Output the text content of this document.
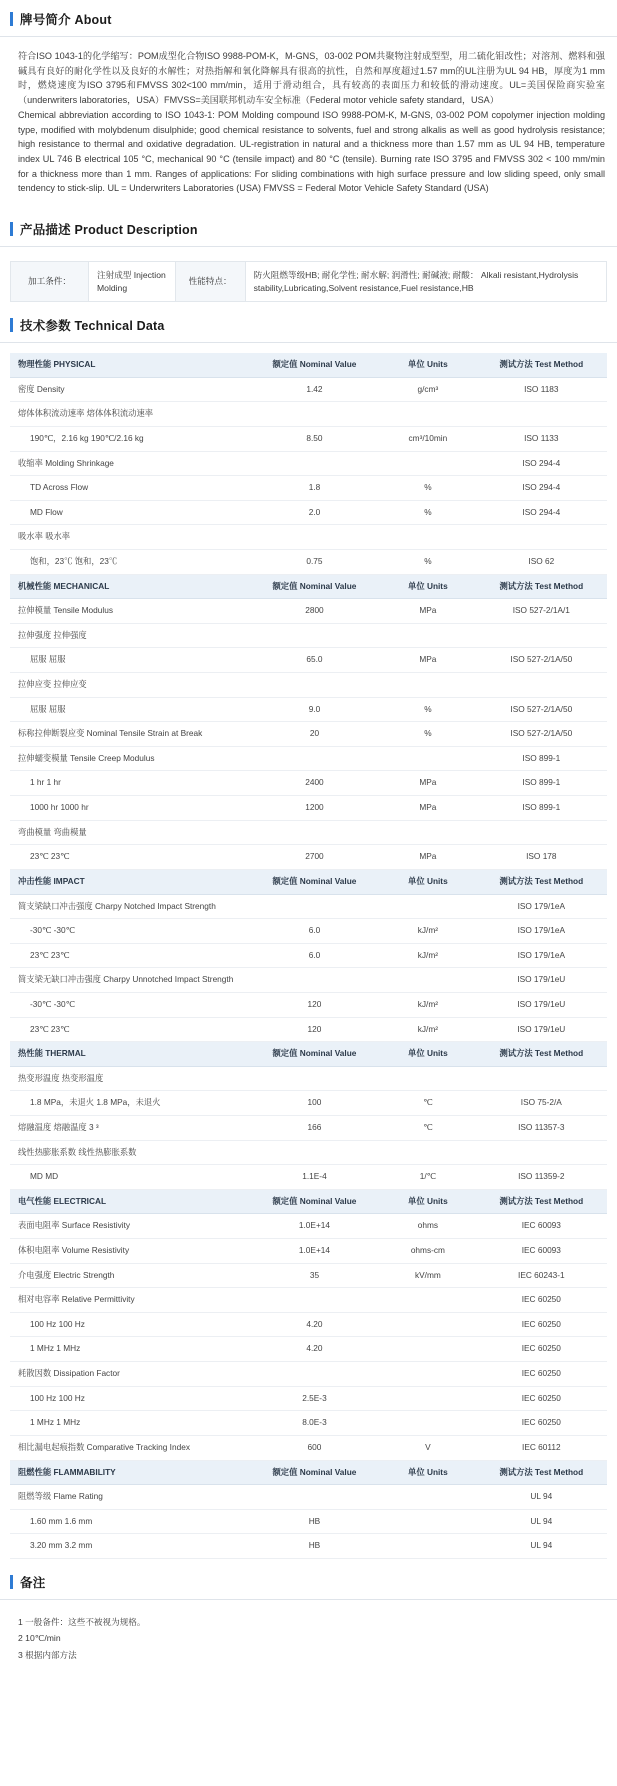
牌号简介 About
符合ISO 1043-1的化学缩写：POM成型化合物ISO 9988-POM-K，M-GNS，03-002 POM共聚物注射成型型，用二硫化钼改性；对溶剂、燃料和强碱具有良好的耐化学性以及良好的水解性；对热指解和氧化降解具有很高的抗性，自然和厚度超过1.57 mm的UL注册为UL 94 HB，厚度为1 mm时，燃烧速度为ISO 3795和FMVSS 302<100 mm/min，适用于滑动组合，具有较高的表面压力和较低的滑动速度。UL=美国保险商实验室（underwriters laboratories，USA）FMVSS=美国联邦机动车安全标准（Federal motor vehicle safety standard，USA）
Chemical abbreviation according to ISO 1043-1: POM Molding compound ISO 9988-POM-K, M-GNS, 03-002 POM copolymer injection molding type, modified with molybdenum disulphide; good chemical resistance to solvents, fuel and strong alkalis as well as good hydrolysis resistance; high resistance to thermal and oxidative degradation. UL-registration in natural and a thickness more than 1.57 mm as UL 94 HB, temperature index UL 746 B electrical 105 °C, mechanical 90 °C (tensile impact) and 80 °C (tensile). Burning rate ISO 3795 and FMVSS 302 < 100 mm/min for a thickness more than 1 mm. Ranges of applications: For sliding combinations with high surface pressure and low sliding speed, only small tendency to stick-slip. UL = Underwriters Laboratories (USA) FMVSS = Federal Motor Vehicle Safety Standard (USA)
产品描述 Product Description
加工条件：	注射成型 Injection Molding	性能特点：	防火阻燃等级HB; 耐化学性; 耐水解; 润滑性; 耐碱液; 耐酸： Alkali resistant,Hydrolysis stability,Lubricating,Solvent resistance,Fuel resistance,HB
技术参数 Technical Data
物理性能 PHYSICAL	额定值 Nominal Value	单位 Units	测试方法 Test Method
密度 Density	1.42	g/cm³	ISO 1183
熔体体积流动速率 熔体体积流动速率			
190℃，2.16 kg 190℃/2.16 kg	8.50	cm³/10min	ISO 1133
收缩率 Molding Shrinkage			ISO 294-4
TD Across Flow	1.8	%	ISO 294-4
MD Flow	2.0	%	ISO 294-4
吸水率 吸水率			
饱和，23℃ 饱和，23℃	0.75	%	ISO 62
机械性能 MECHANICAL	额定值 Nominal Value	单位 Units	测试方法 Test Method
拉伸模量 Tensile Modulus	2800	MPa	ISO 527-2/1A/1
拉伸强度 拉伸强度			
屈服 屈服	65.0	MPa	ISO 527-2/1A/50
拉伸应变 拉伸应变			
屈服 屈服	9.0	%	ISO 527-2/1A/50
标称拉伸断裂应变 Nominal Tensile Strain at Break	20	%	ISO 527-2/1A/50
拉伸蠕变模量 Tensile Creep Modulus			ISO 899-1
1 hr 1 hr	2400	MPa	ISO 899-1
1000 hr 1000 hr	1200	MPa	ISO 899-1
弯曲模量 弯曲模量			
23℃ 23℃	2700	MPa	ISO 178
冲击性能 IMPACT	额定值 Nominal Value	单位 Units	测试方法 Test Method
简支梁缺口冲击强度 Charpy Notched Impact Strength			ISO 179/1eA
-30℃ -30℃	6.0	kJ/m²	ISO 179/1eA
23℃ 23℃	6.0	kJ/m²	ISO 179/1eA
简支梁无缺口冲击强度 Charpy Unnotched Impact Strength			ISO 179/1eU
-30℃ -30℃	120	kJ/m²	ISO 179/1eU
23℃ 23℃	120	kJ/m²	ISO 179/1eU
热性能 THERMAL	额定值 Nominal Value	单位 Units	测试方法 Test Method
热变形温度 热变形温度			
1.8 MPa，未退火 1.8 MPa，未退火	100	℃	ISO 75-2/A
熔融温度 熔融温度 3 ³	166	℃	ISO 11357-3
线性热膨胀系数 线性热膨胀系数			
MD MD	1.1E-4	1/℃	ISO 11359-2
电气性能 ELECTRICAL	额定值 Nominal Value	单位 Units	测试方法 Test Method
表面电阻率 Surface Resistivity	1.0E+14	ohms	IEC 60093
体积电阻率 Volume Resistivity	1.0E+14	ohms-cm	IEC 60093
介电强度 Electric Strength	35	kV/mm	IEC 60243-1
相对电容率 Relative Permittivity			IEC 60250
100 Hz 100 Hz	4.20		IEC 60250
1 MHz 1 MHz	4.20		IEC 60250
耗散因数 Dissipation Factor			IEC 60250
100 Hz 100 Hz	2.5E-3		IEC 60250
1 MHz 1 MHz	8.0E-3		IEC 60250
相比漏电起痕指数 Comparative Tracking Index	600	V	IEC 60112
阻燃性能 FLAMMABILITY	额定值 Nominal Value	单位 Units	测试方法 Test Method
阻燃等级 Flame Rating			UL 94
1.60 mm 1.6 mm	HB		UL 94
3.20 mm 3.2 mm	HB		UL 94
备注
1 一般备件：这些不被视为规格。
2 10℃/min
3 根据内部方法
